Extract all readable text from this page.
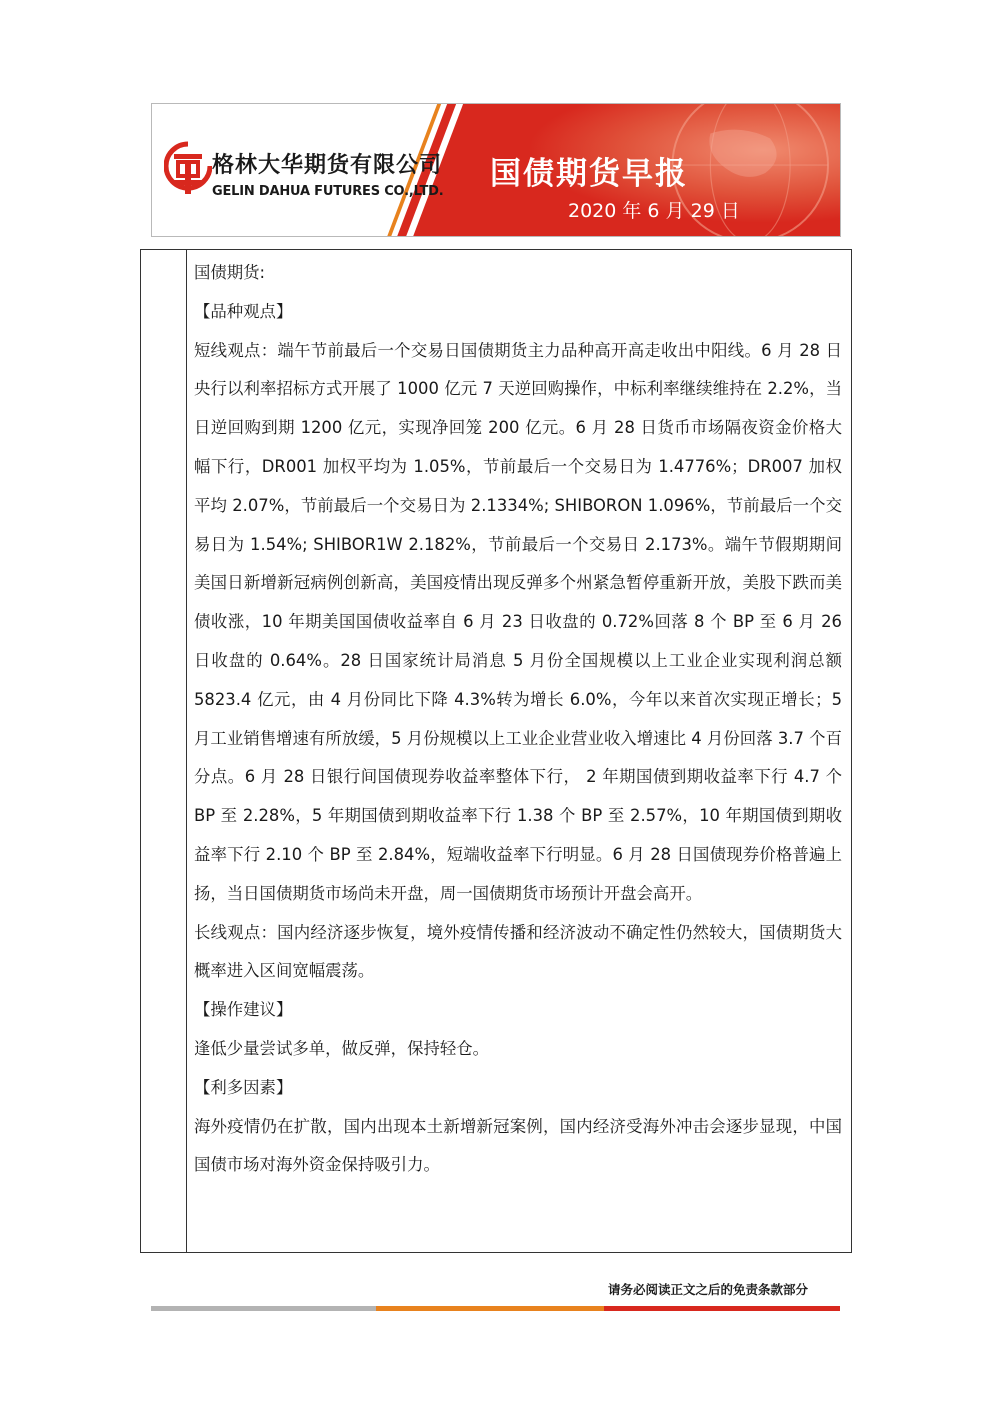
格林大华期货有限公司
GELIN DAHUA FUTURES CO.,LTD. 国债期货早报
2020 年 6 月 29 日

国债期货:

【品种观点】

短线观点：端午节前最后一个交易日国债期货主力品种高开高走收出中阳线。6 月 28 日央行以利率招标方式开展了 1000 亿元 7 天逆回购操作，中标利率继续维持在 2.2%，当日逆回购到期 1200 亿元，实现净回笼 200 亿元。6 月 28 日货币市场隔夜资金价格大幅下行，DR001 加权平均为 1.05%，节前最后一个交易日为 1.4776%；DR007 加权平均 2.07%，节前最后一个交易日为 2.1334%; SHIBORON 1.096%，节前最后一个交易日为 1.54%; SHIBOR1W 2.182%，节前最后一个交易日 2.173%。端午节假期期间美国日新增新冠病例创新高，美国疫情出现反弹多个州紧急暂停重新开放，美股下跌而美债收涨，10 年期美国国债收益率自 6 月 23 日收盘的 0.72%回落 8 个 BP 至 6 月 26 日收盘的 0.64%。28 日国家统计局消息 5 月份全国规模以上工业企业实现利润总额 5823.4 亿元，由 4 月份同比下降 4.3%转为增长 6.0%，今年以来首次实现正增长；5 月工业销售增速有所放缓，5 月份规模以上工业企业营业收入增速比 4 月份回落 3.7 个百分点。6 月 28 日银行间国债现券收益率整体下行， 2 年期国债到期收益率下行 4.7 个 BP 至 2.28%，5 年期国债到期收益率下行 1.38 个 BP 至 2.57%，10 年期国债到期收益率下行 2.10 个 BP 至 2.84%，短端收益率下行明显。6 月 28 日国债现券价格普遍上扬，当日国债期货市场尚未开盘，周一国债期货市场预计开盘会高开。

长线观点：国内经济逐步恢复，境外疫情传播和经济波动不确定性仍然较大，国债期货大概率进入区间宽幅震荡。

【操作建议】

逢低少量尝试多单，做反弹，保持轻仓。

【利多因素】

海外疫情仍在扩散，国内出现本土新增新冠案例，国内经济受海外冲击会逐步显现，中国国债市场对海外资金保持吸引力。

请务必阅读正文之后的免责条款部分
